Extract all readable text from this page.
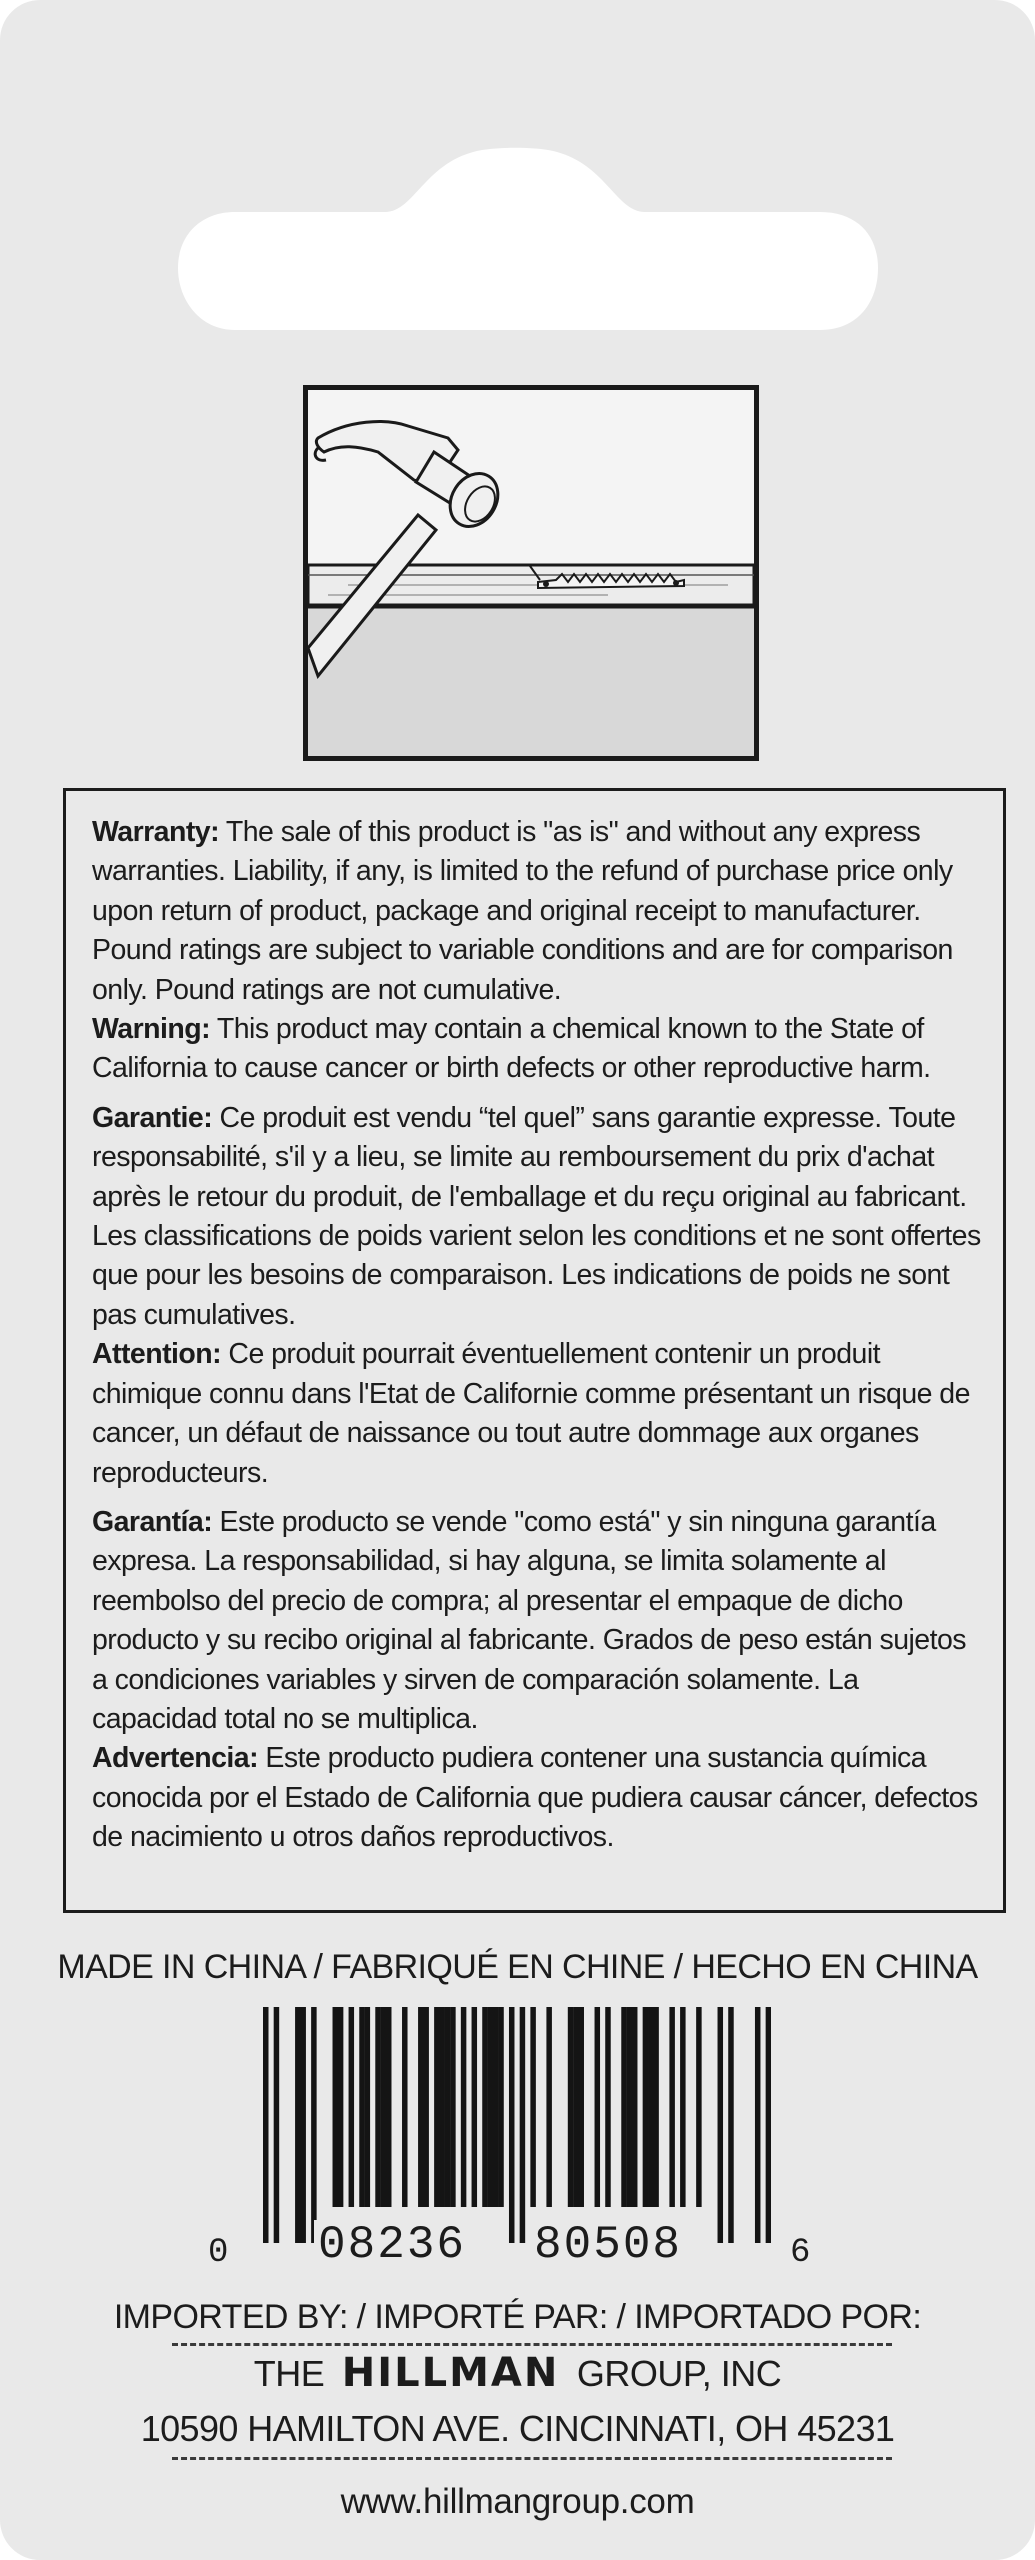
Warranty: The sale of this product is "as is" and without any express warranties. Liability, if any, is limited to the refund of purchase price only upon return of product, package and original receipt to manufacturer. Pound ratings are subject to variable conditions and are for comparison only. Pound ratings are not cumulative.

Warning: This product may contain a chemical known to the State of California to cause cancer or birth defects or other reproductive harm.

Garantie: Ce produit est vendu “tel quel” sans garantie expresse. Toute responsabilité, s'il y a lieu, se limite au remboursement du prix d'achat après le retour du produit, de l'emballage et du reçu original au fabricant. Les classifications de poids varient selon les conditions et ne sont offertes que pour les besoins de comparaison. Les indications de poids ne sont pas cumulatives.

Attention: Ce produit pourrait éventuellement contenir un produit chimique connu dans l'Etat de Californie comme présentant un risque de cancer, un défaut de naissance ou tout autre dommage aux organes reproducteurs.

Garantía: Este producto se vende "como está" y sin ninguna garantía expresa. La responsabilidad, si hay alguna, se limita solamente al reembolso del precio de compra; al presentar el empaque de dicho producto y su recibo original al fabricante. Grados de peso están sujetos a condiciones variables y sirven de comparación solamente. La capacidad total no se multiplica.

Advertencia: Este producto pudiera contener una sustancia química conocida por el Estado de California que pudiera causar cáncer, defectos de nacimiento u otros daños reproductivos.

MADE IN CHINA / FABRIQUÉ EN CHINE / HECHO EN CHINA
0 08236 80508	6
IMPORTED BY: / IMPORTÉ PAR: / IMPORTADO POR:
THE HILLMAN GROUP, INC
10590 HAMILTON AVE. CINCINNATI, OH 45231
www.hillmangroup.com
